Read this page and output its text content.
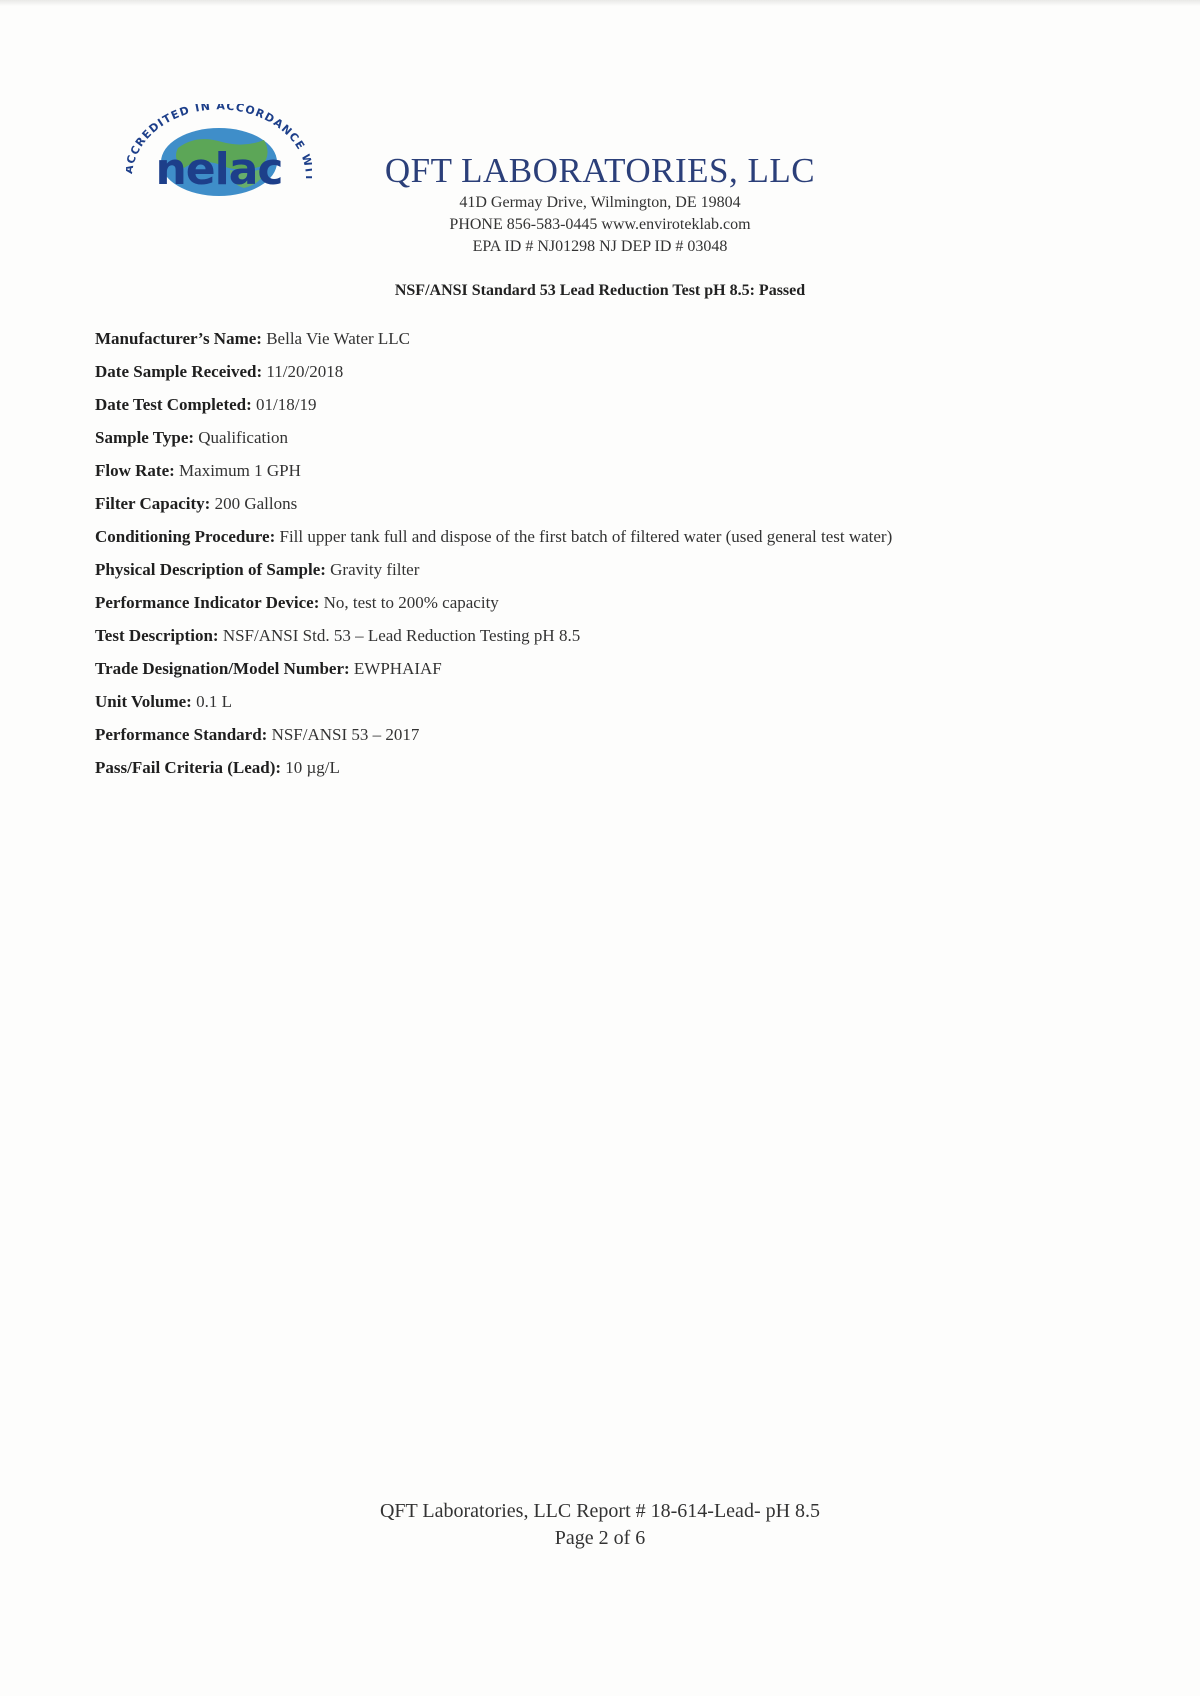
CREDITED IN ACCORDANCE
nelac	QFT LABORATORIES, LLC
41D Germay Drive, Wilmington, DE 19804
PHONE 856-583-0445 www.enviroteklab.com
EPA ID # NJ01298 NJ DEP ID # 03048
NSF/ANSI Standard 53 Lead Reduction Test pH 8.5: Passed
Manufacturer’s Name: Bella Vie Water LLC
Date Sample Received: 11/20/2018
Date Test Completed: 01/18/19
Sample Type: Qualification
Flow Rate: Maximum 1 GPH
Filter Capacity: 200 Gallons
Conditioning Procedure: Fill upper tank full and dispose of the first batch of filtered water (used general test water)
Physical Description of Sample: Gravity filter
Performance Indicator Device: No, test to 200% capacity
Test Description: NSF/ANSI Std. 53 – Lead Reduction Testing pH 8.5
Trade Designation/Model Number: EWPHAIAF
Unit Volume: 0.1 L
Performance Standard: NSF/ANSI 53 – 2017
Pass/Fail Criteria (Lead): 10 µg/L
QFT Laboratories, LLC Report # 18-614-Lead- pH 8.5
Page 2 of 6
